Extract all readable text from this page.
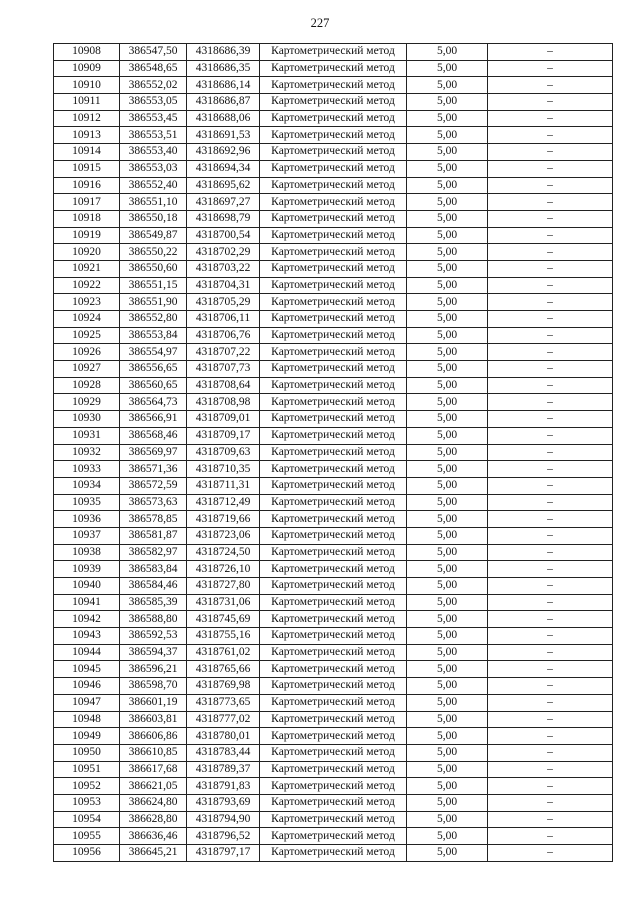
227
10908	386547,50	4318686,39	Картометрический метод	5,00	–
10909	386548,65	4318686,35	Картометрический метод	5,00	–
10910	386552,02	4318686,14	Картометрический метод	5,00	–
10911	386553,05	4318686,87	Картометрический метод	5,00	–
10912	386553,45	4318688,06	Картометрический метод	5,00	–
10913	386553,51	4318691,53	Картометрический метод	5,00	–
10914	386553,40	4318692,96	Картометрический метод	5,00	–
10915	386553,03	4318694,34	Картометрический метод	5,00	–
10916	386552,40	4318695,62	Картометрический метод	5,00	–
10917	386551,10	4318697,27	Картометрический метод	5,00	–
10918	386550,18	4318698,79	Картометрический метод	5,00	–
10919	386549,87	4318700,54	Картометрический метод	5,00	–
10920	386550,22	4318702,29	Картометрический метод	5,00	–
10921	386550,60	4318703,22	Картометрический метод	5,00	–
10922	386551,15	4318704,31	Картометрический метод	5,00	–
10923	386551,90	4318705,29	Картометрический метод	5,00	–
10924	386552,80	4318706,11	Картометрический метод	5,00	–
10925	386553,84	4318706,76	Картометрический метод	5,00	–
10926	386554,97	4318707,22	Картометрический метод	5,00	–
10927	386556,65	4318707,73	Картометрический метод	5,00	–
10928	386560,65	4318708,64	Картометрический метод	5,00	–
10929	386564,73	4318708,98	Картометрический метод	5,00	–
10930	386566,91	4318709,01	Картометрический метод	5,00	–
10931	386568,46	4318709,17	Картометрический метод	5,00	–
10932	386569,97	4318709,63	Картометрический метод	5,00	–
10933	386571,36	4318710,35	Картометрический метод	5,00	–
10934	386572,59	4318711,31	Картометрический метод	5,00	–
10935	386573,63	4318712,49	Картометрический метод	5,00	–
10936	386578,85	4318719,66	Картометрический метод	5,00	–
10937	386581,87	4318723,06	Картометрический метод	5,00	–
10938	386582,97	4318724,50	Картометрический метод	5,00	–
10939	386583,84	4318726,10	Картометрический метод	5,00	–
10940	386584,46	4318727,80	Картометрический метод	5,00	–
10941	386585,39	4318731,06	Картометрический метод	5,00	–
10942	386588,80	4318745,69	Картометрический метод	5,00	–
10943	386592,53	4318755,16	Картометрический метод	5,00	–
10944	386594,37	4318761,02	Картометрический метод	5,00	–
10945	386596,21	4318765,66	Картометрический метод	5,00	–
10946	386598,70	4318769,98	Картометрический метод	5,00	–
10947	386601,19	4318773,65	Картометрический метод	5,00	–
10948	386603,81	4318777,02	Картометрический метод	5,00	–
10949	386606,86	4318780,01	Картометрический метод	5,00	–
10950	386610,85	4318783,44	Картометрический метод	5,00	–
10951	386617,68	4318789,37	Картометрический метод	5,00	–
10952	386621,05	4318791,83	Картометрический метод	5,00	–
10953	386624,80	4318793,69	Картометрический метод	5,00	–
10954	386628,80	4318794,90	Картометрический метод	5,00	–
10955	386636,46	4318796,52	Картометрический метод	5,00	–
10956	386645,21	4318797,17	Картометрический метод	5,00	–
